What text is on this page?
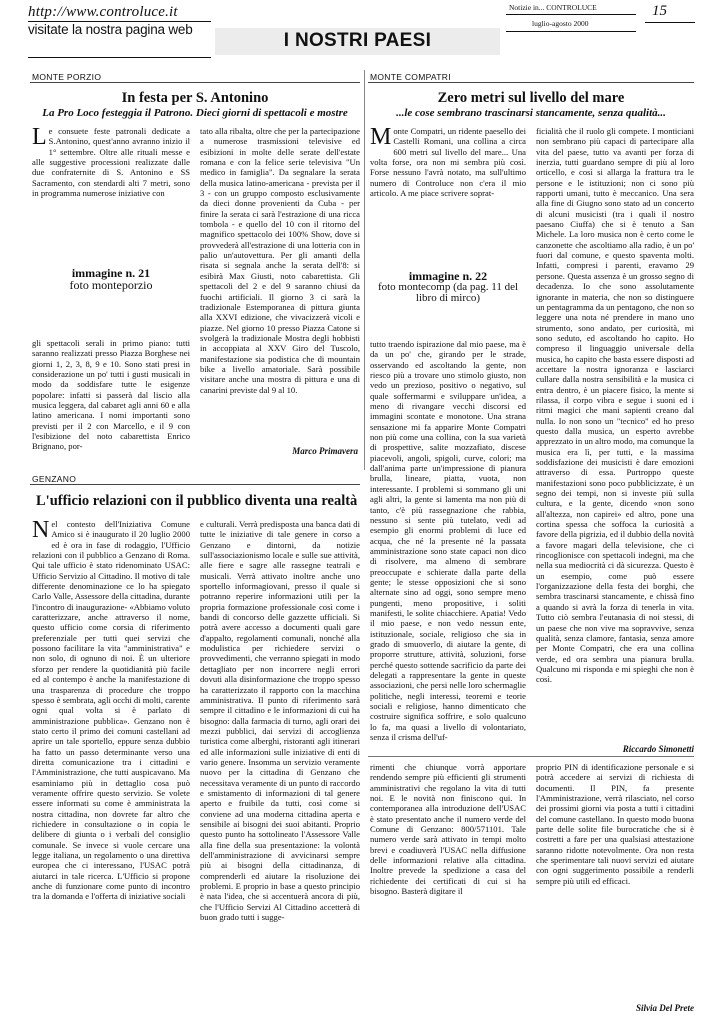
http://www.controluce.it
visitate la nostra pagina web
I NOSTRI PAESI
Notizie in... CONTROLUCE
luglio-agosto 2000
15
MONTE PORZIO
In festa per S. Antonino
La Pro Loco festeggia il Patrono. Dieci giorni di spettacoli e mostre
Le consuete feste patronali dedicate a S.Antonino, quest'anno avranno inizio il 1° settembre. Oltre alle rituali messe e alle suggestive processioni realizzate dalle due confraternite di S. Antonino e SS Sacramento, con stendardi alti 7 metri, sono in programma numerose iniziative con
immagine n. 21
foto monteporzio
gli spettacoli serali in primo piano: tutti saranno realizzati presso Piazza Borghese nei giorni 1, 2, 3, 8, 9 e 10. Sono stati presi in considerazione un po' tutti i gusti musicali in modo da soddisfare tutte le esigenze popolare: infatti si passerà dal liscio alla musica leggera, dal cabaret agli anni 60 e alla latino americana. I nomi importanti sono previsti per il 2 con Marcello, e il 9 con l'esibizione del noto cabarettista Enrico Brignano, por-
tato alla ribalta, oltre che per la partecipazione a numerose trasmissioni televisive ed esibizioni in molte delle serate dell'estate romana e con la felice serie televisiva "Un medico in famiglia". Da segnalare la serata della musica latino-americana - prevista per il 3 - con un gruppo composto esclusivamente da dieci donne provenienti da Cuba - per finire la serata ci sarà l'estrazione di una ricca tombola - e quello del 10 con il ritorno del magnifico spettacolo dei 100% Show, dove si provvederà all'estrazione di una lotteria con in palio un'autovettura. Per gli amanti della risata si segnala anche la serata dell'8: si esibirà Max Giusti, noto cabarettista. Gli spettacoli del 2 e del 9 saranno chiusi da fuochi artificiali. Il giorno 3 ci sarà la tradizionale Estemporanea di pittura giunta alla XXVI edizione, che vivacizzerà vicoli e piazze. Nel giorno 10 presso Piazza Catone si svolgerà la tradizionale Mostra degli hobbisti in accoppiata al XXV Giro del Tuscolo, manifestazione sia podistica che di mountain bike a livello amatoriale. Sarà possibile visitare anche una mostra di pittura e una di canarini previste dal 9 al 10.
Marco Primavera
MONTE COMPATRI
Zero metri sul livello del mare
...le cose sembrano trascinarsi stancamente, senza qualità...
Monte Compatri, un ridente paesello dei Castelli Romani, una collina a circa 600 metri sul livello del mare... Una volta forse, ora non mi sembra più così. Forse nessuno l'avrà notato, ma sull'ultimo numero di Controluce non c'era il mio articolo. A me piace scrivere soprat-
immagine n. 22
foto montecomp (da pag. 11 del libro di mirco)
tutto traendo ispirazione dal mio paese, ma è da un po' che, girando per le strade, osservando ed ascoltando la gente, non riesco più a trovare uno stimolo giusto, non vedo un prezioso, positivo o negativo, sul quale soffermarmi e sviluppare un'idea, a meno di rivangare vecchi discorsi ed immagini scontate e monotone. Una strana sensazione mi fa apparire Monte Compatri non più come una collina, con la sua varietà di prospettive, salite mozzafiato, discese piacevoli, angoli, spigoli, curve, colori; ma dall'anima parte un'impressione di pianura brulla, lineare, piatta, vuota, non interessante. I problemi si sommano gli uni agli altri, la gente si lamenta ma non più di tanto, c'è più rassegnazione che rabbia, nessuno si sente più tutelato, vedi ad esempio gli enormi problemi di luce ed acqua, che né la presente né la passata amministrazione sono state capaci non dico di risolvere, ma almeno di sembrare preoccupate e schierate dalla parte della gente; le stesse opposizioni che si sono alternate sino ad oggi, sono sempre meno pungenti, meno propositive, i soliti manifesti, le solite chiacchiere. Apatia! Vedo il mio paese, e non vedo nessun ente, istituzionale, sociale, religioso che sia in grado di smuoverlo, di aiutare la gente, di proporre strutture, attività, soluzioni, forse perché questo sottende sacrificio da parte dei delegati a rappresentare la gente in queste associazioni, che persi nelle loro schermaglie politiche, negli interessi, teoremi e teorie sociali e religiose, hanno dimenticato che costruire significa soffrire, e solo qualcuno lo fa, ma quasi a livello di volontariato, senza il crisma dell'uf-
ficialità che il ruolo gli compete. I monticiani non sembrano più capaci di partecipare alla vita del paese, tutto va avanti per forza di inerzia, tutti guardano sempre di più al loro orticello, e così si allarga la frattura tra le persone e le istituzioni; non ci sono più rapporti umani, tutto è meccanico. Una sera alla fine di Giugno sono stato ad un concerto di alcuni musicisti (tra i quali il nostro paesano Ciuffa) che si è tenuto a San Michele. La loro musica non è certo come le canzonette che ascoltiamo alla radio, è un po' fuori dal comune, e questo spaventa molti. Infatti, compresi i parenti, eravamo 29 persone. Questa assenza è un grosso segno di decadenza. Io che sono assolutamente ignorante in materia, che non so distinguere un pentagramma da un pentagono, che non so leggere una nota né prendere in mano uno strumento, sono andato, per curiosità, mi sono seduto, ed ascoltando ho capito. Ho compreso il linguaggio universale della musica, ho capito che basta essere disposti ad accettare la nostra ignoranza e lasciarci cullare dalla nostra sensibilità e la musica ci entra dentro, è un piacere fisico, la mente si rilassa, il corpo vibra e segue i suoni ed i ritmi magici che mani sapienti creano dal nulla. Io non sono un "tecnico" ed ho preso questo dalla musica, un esperto avrebbe apprezzato in un altro modo, ma comunque la musica era lì, per tutti, e la massima soddisfazione dei musicisti è dare emozioni attraverso di essa. Purtroppo queste manifestazioni sono poco pubblicizzate, è un segno dei tempi, non si investe più sulla cultura, e la gente, dicendo «non sono all'altezza, non capirei» ed altro, pone una cortina spessa che soffoca la curiosità a favore della pigrizia, ed il dubbio della novità a favore magari della televisione, che ci rincoglionisce con spettacoli indegni, ma che nella sua mediocrità ci dà sicurezza. Questo è un esempio, come può essere l'organizzazione della festa dei borghi, che sembra trascinarsi stancamente, e chissà fino a quando si avrà la forza di tenerla in vita. Tutto ciò sembra l'eutanasia di noi stessi, di un paese che non vive ma sopravvive, senza qualità, senza clamore, fantasia, senza amore per Monte Compatri, che era una collina verde, ed ora sembra una pianura brulla. Qualcuno mi risponda e mi spieghi che non è così.
Riccardo Simonetti
GENZANO
L'ufficio relazioni con il pubblico diventa una realtà
Nel contesto dell'Iniziativa Comune Amico si è inaugurato il 20 luglio 2000 ed è ora in fase di rodaggio, l'Ufficio relazioni con il pubblico a Genzano di Roma. Qui tale ufficio è stato ridenominato USAC: Ufficio Servizio al Cittadino. Il motivo di tale differente denominazione ce lo ha spiegato Carlo Valle, Assessore della cittadina, durante l'incontro di inaugurazione- «Abbiamo voluto caratterizzare, anche attraverso il nome, questo ufficio come corsia di riferimento preferenziale per tutti quei servizi che possono facilitare la vita "amministrativa" e non solo, di ognuno di noi. È un ulteriore sforzo per rendere la quotidianità più facile ed al contempo è anche la manifestazione di una trasparenza di procedure che troppo spesso è sembrata, agli occhi di molti, carente ogni qual volta si è parlato di amministrazione pubblica». Genzano non è stato certo il primo dei comuni castellani ad aprire un tale sportello, eppure senza dubbio ha fatto un passo determinante verso una diretta comunicazione tra i cittadini e l'Amministrazione, che tutti auspicavano. Ma esaminiamo più in dettaglio cosa può veramente offrire questo servizio. Se volete essere informati su come è amministrata la nostra cittadina, non dovrete far altro che richiedere in consultazione o in copia le delibere di giunta o i verbali del consiglio comunale. Se invece si vuole cercare una legge italiana, un regolamento o una direttiva europea che ci interessano, l'USAC potrà aiutarci in tale ricerca. L'Ufficio si propone anche di funzionare come punto di incontro tra la domanda e l'offerta di iniziative sociali
e culturali. Verrà predisposta una banca dati di tutte le iniziative di tale genere in corso a Genzano e dintorni, da notizie sull'associazionismo locale e sulle sue attività, alle fiere e sagre alle rassegne teatrali e musicali. Verrà attivato inoltre anche uno sportello informagiovani, presso il quale si potranno reperire informazioni utili per la propria formazione professionale così come i bandi di concorso delle gazzette ufficiali. Si potrà avere accesso a documenti quali gare d'appalto, regolamenti comunali, nonché alla modulistica per richiedere servizi o provvedimenti, che verranno spiegati in modo dettagliato per non incorrere negli errori dovuti alla disinformazione che troppo spesso ha caratterizzato il rapporto con la macchina amministrativa. Il punto di riferimento sarà sempre il cittadino e le informazioni di cui ha bisogno: dalla farmacia di turno, agli orari dei mezzi pubblici, dai servizi di accoglienza turistica come alberghi, ristoranti agli itinerari ed alle informazioni sulle iniziative di enti di vario genere. Insomma un servizio veramente nuovo per la cittadina di Genzano che necessitava veramente di un punto di raccordo e smistamento di informazioni di tal genere aperto e fruibile da tutti, così come si conviene ad una moderna cittadina aperta e sensibile ai bisogni dei suoi abitanti. Proprio questo punto ha sottolineato l'Assessore Valle alla fine della sua presentazione: la volontà dell'amministrazione di avvicinarsi sempre più ai bisogni della cittadinanza, di comprenderli ed aiutare la risoluzione dei problemi. E proprio in base a questo principio è nata l'idea, che si accentuerà ancora di più, che l'Ufficio Servizi Al Cittadino accetterà di buon grado tutti i sugge-
rimenti che chiunque vorrà apportare rendendo sempre più efficienti gli strumenti amministrativi che regolano la vita di tutti noi. E le novità non finiscono qui. In contemporanea alla introduzione dell'USAC è stato presentato anche il numero verde del Comune di Genzano: 800/571101. Tale numero verde sarà attivato in tempi molto brevi e coadiuverà l'USAC nella diffusione delle informazioni relative alla cittadina. Inoltre prevede la spedizione a casa del richiedente dei certificati di cui si ha bisogno. Basterà digitare il
proprio PIN di identificazione personale e si potrà accedere ai servizi di richiesta di documenti. Il PIN, fa presente l'Amministrazione, verrà rilasciato, nel corso dei prossimi giorni via posta a tutti i cittadini del comune castellano. In questo modo buona parte delle solite file burocratiche che si è costretti a fare per una qualsiasi attestazione saranno ridotte notevolmente. Ora non resta che sperimentare tali nuovi servizi ed aiutare con ogni suggerimento possibile a renderli sempre più utili ed efficaci.
Silvia Del Prete
